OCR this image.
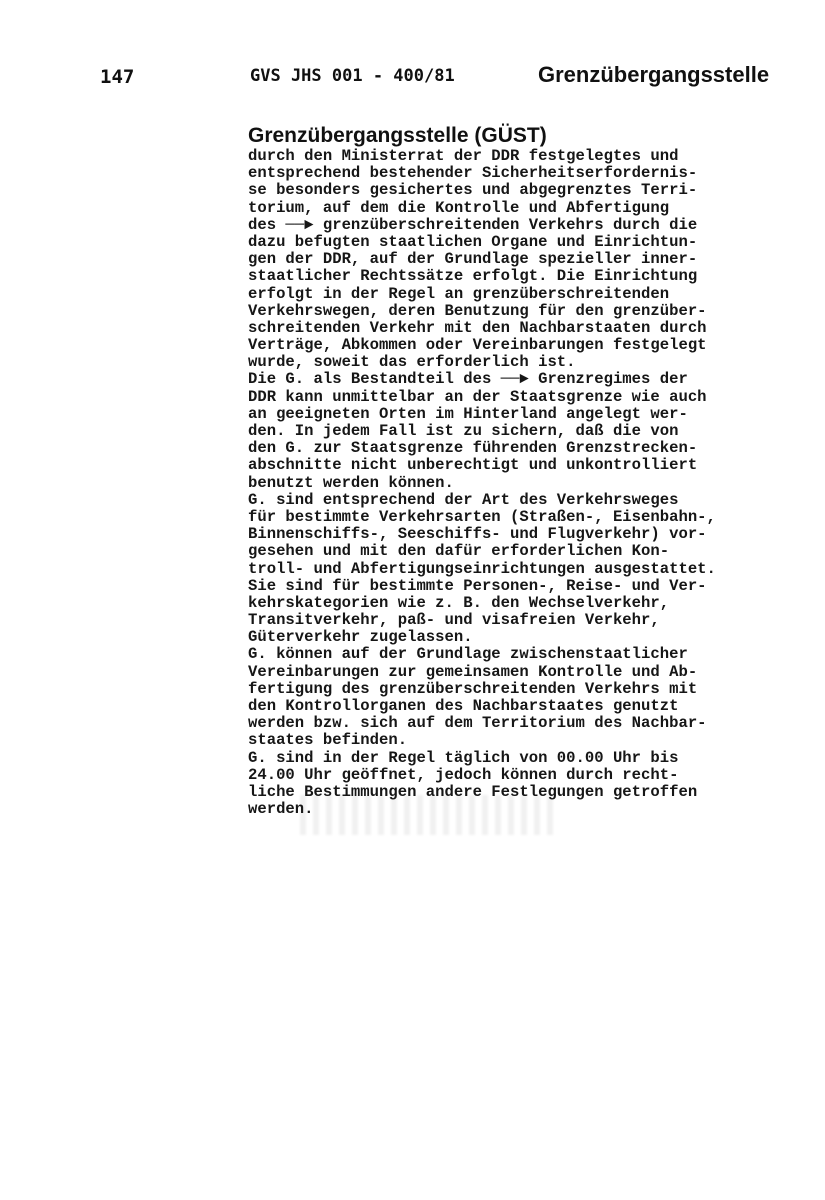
147	GVS JHS 001 - 400/81	Grenzübergangsstelle
Grenzübergangsstelle (GÜST)
durch den Ministerrat der DDR festgelegtes und
entsprechend bestehender Sicherheitserfordernis-
se besonders gesichertes und abgegrenztes Terri-
torium, auf dem die Kontrolle und Abfertigung
des ──► grenzüberschreitenden Verkehrs durch die
dazu befugten staatlichen Organe und Einrichtun-
gen der DDR, auf der Grundlage spezieller inner-
staatlicher Rechtssätze erfolgt. Die Einrichtung
erfolgt in der Regel an grenzüberschreitenden
Verkehrswegen, deren Benutzung für den grenzüber-
schreitenden Verkehr mit den Nachbarstaaten durch
Verträge, Abkommen oder Vereinbarungen festgelegt
wurde, soweit das erforderlich ist.
Die G. als Bestandteil des ──► Grenzregimes der
DDR kann unmittelbar an der Staatsgrenze wie auch
an geeigneten Orten im Hinterland angelegt wer-
den. In jedem Fall ist zu sichern, daß die von
den G. zur Staatsgrenze führenden Grenzstrecken-
abschnitte nicht unberechtigt und unkontrolliert
benutzt werden können.
G. sind entsprechend der Art des Verkehrsweges
für bestimmte Verkehrsarten (Straßen-, Eisenbahn-,
Binnenschiffs-, Seeschiffs- und Flugverkehr) vor-
gesehen und mit den dafür erforderlichen Kon-
troll- und Abfertigungseinrichtungen ausgestattet.
Sie sind für bestimmte Personen-, Reise- und Ver-
kehrskategorien wie z. B. den Wechselverkehr,
Transitverkehr, paß- und visafreien Verkehr,
Güterverkehr zugelassen.
G. können auf der Grundlage zwischenstaatlicher
Vereinbarungen zur gemeinsamen Kontrolle und Ab-
fertigung des grenzüberschreitenden Verkehrs mit
den Kontrollorganen des Nachbarstaates genutzt
werden bzw. sich auf dem Territorium des Nachbar-
staates befinden.
G. sind in der Regel täglich von 00.00 Uhr bis
24.00 Uhr geöffnet, jedoch können durch recht-
liche Bestimmungen andere Festlegungen getroffen
werden.
